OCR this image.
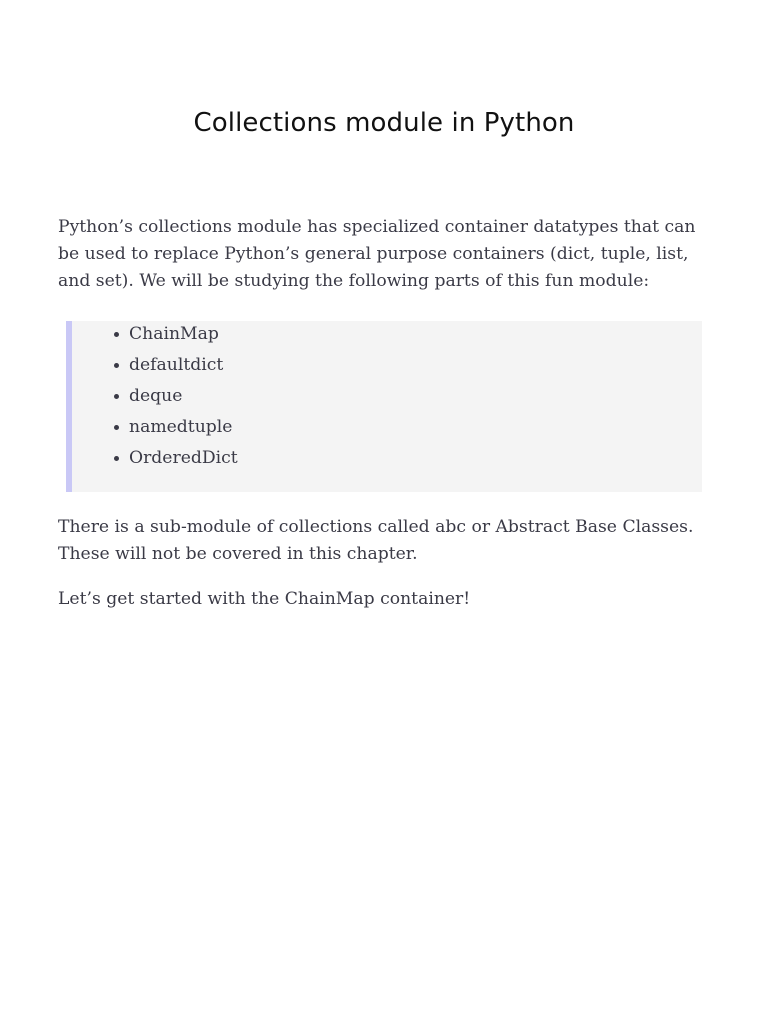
Collections module in Python

Python’s collections module has specialized container datatypes that can be used to replace Python’s general purpose containers (dict, tuple, list, and set). We will be studying the following parts of this fun module:

ChainMap
defaultdict
deque
namedtuple
OrderedDict

There is a sub-module of collections called abc or Abstract Base Classes. These will not be covered in this chapter.

Let’s get started with the ChainMap container!
